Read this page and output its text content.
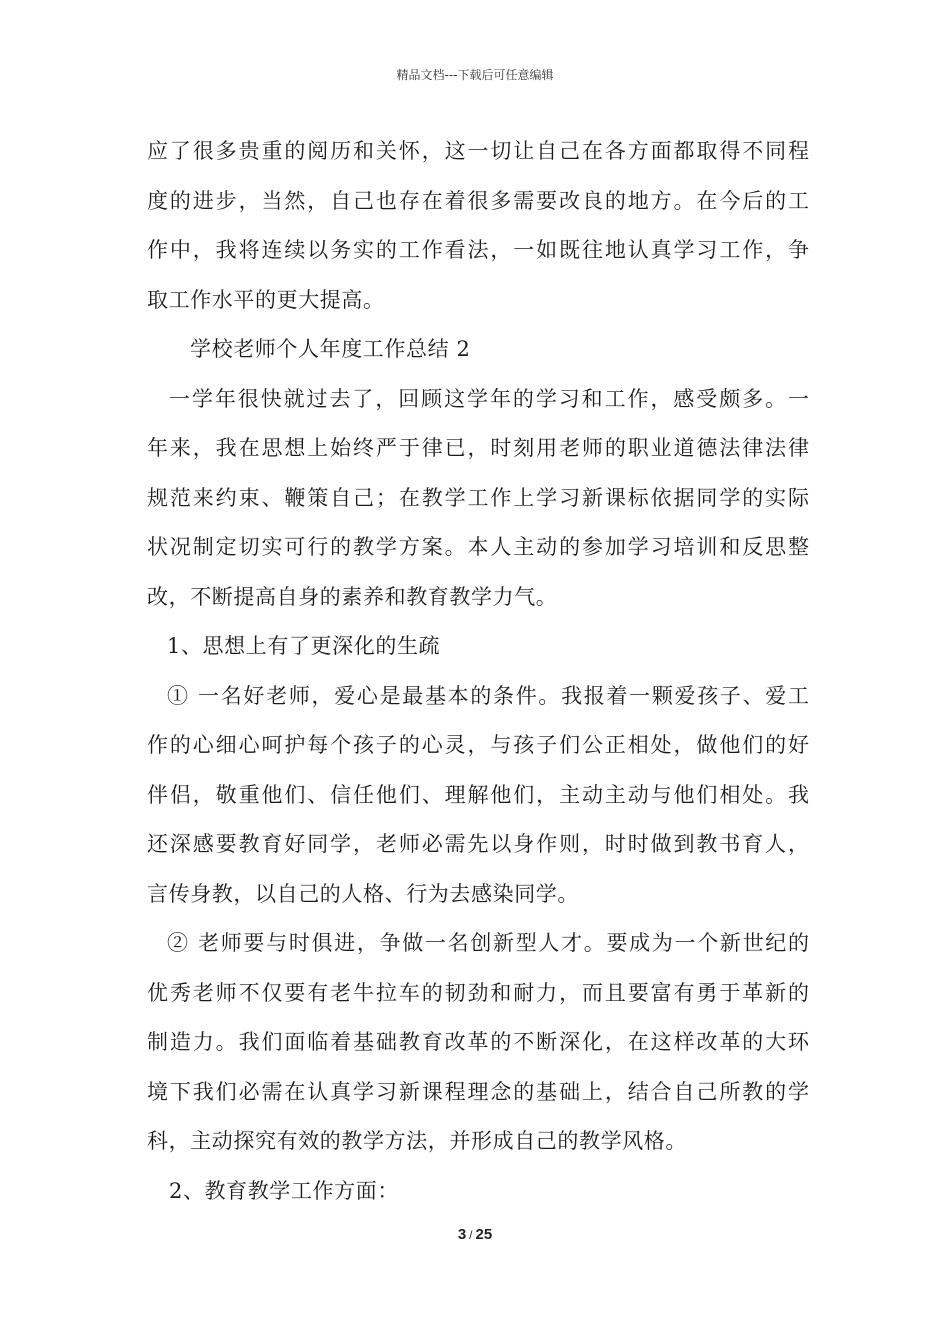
精品文档---下载后可任意编辑
应了很多贵重的阅历和关怀，这一切让自己在各方面都取得不同程
度的进步，当然，自己也存在着很多需要改良的地方。在今后的工
作中，我将连续以务实的工作看法，一如既往地认真学习工作，争
取工作水平的更大提高。
学校老师个人年度工作总结 2
一学年很快就过去了，回顾这学年的学习和工作，感受颇多。一
年来，我在思想上始终严于律已，时刻用老师的职业道德法律法律
规范来约束、鞭策自己；在教学工作上学习新课标依据同学的实际
状况制定切实可行的教学方案。本人主动的参加学习培训和反思整
改，不断提高自身的素养和教育教学力气。
1、思想上有了更深化的生疏
① 一名好老师，爱心是最基本的条件。我报着一颗爱孩子、爱工
作的心细心呵护每个孩子的心灵，与孩子们公正相处，做他们的好
伴侣，敬重他们、信任他们、理解他们，主动主动与他们相处。我
还深感要教育好同学，老师必需先以身作则，时时做到教书育人，
言传身教，以自己的人格、行为去感染同学。
② 老师要与时俱进，争做一名创新型人才。要成为一个新世纪的
优秀老师不仅要有老牛拉车的韧劲和耐力，而且要富有勇于革新的
制造力。我们面临着基础教育改革的不断深化，在这样改革的大环
境下我们必需在认真学习新课程理念的基础上，结合自己所教的学
科，主动探究有效的教学方法，并形成自己的教学风格。
2、教育教学工作方面：
3 / 25
